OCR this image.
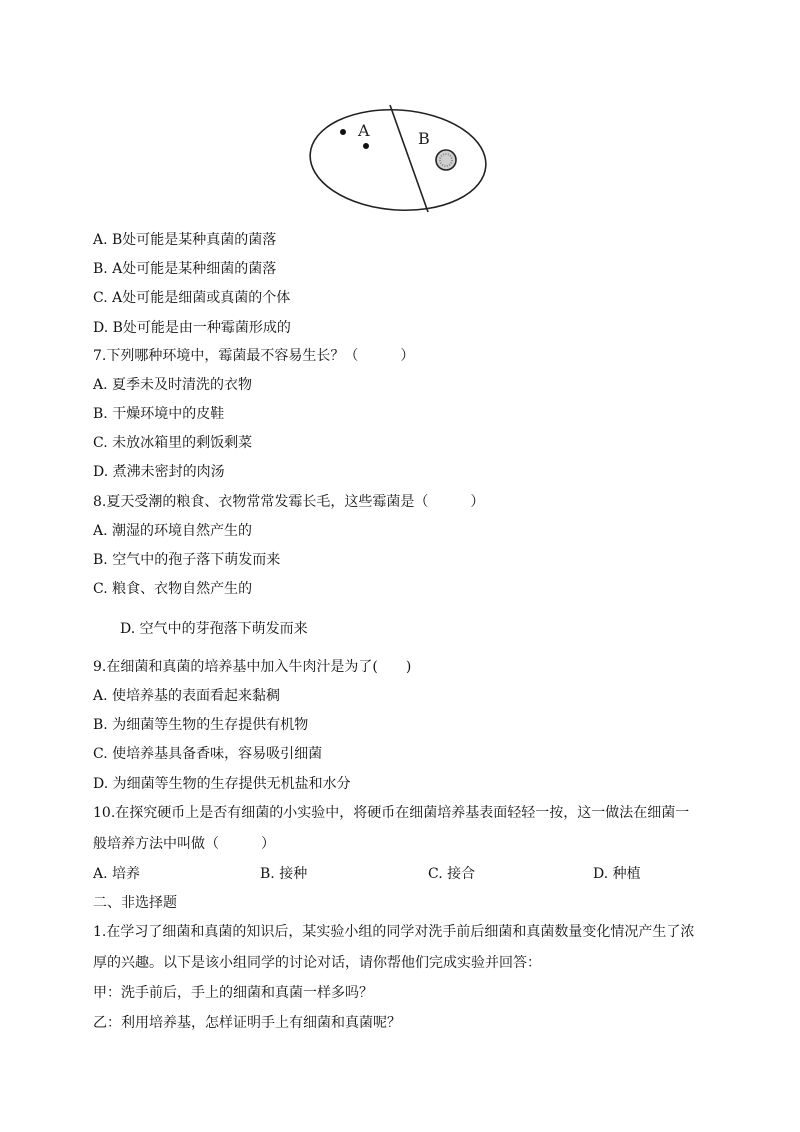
A	B
A. B处可能是某种真菌的菌落
B. A处可能是某种细菌的菌落
C. A处可能是细菌或真菌的个体
D. B处可能是由一种霉菌形成的
7.下列哪种环境中，霉菌最不容易生长？（　　　）
A. 夏季未及时清洗的衣物
B. 干燥环境中的皮鞋
C. 未放冰箱里的剩饭剩菜
D. 煮沸未密封的肉汤
8.夏天受潮的粮食、衣物常常发霉长毛，这些霉菌是（　　　）
A. 潮湿的环境自然产生的
B. 空气中的孢子落下萌发而来
C. 粮食、衣物自然产生的
D. 空气中的芽孢落下萌发而来
9.在细菌和真菌的培养基中加入牛肉汁是为了(　　)
A. 使培养基的表面看起来黏稠
B. 为细菌等生物的生存提供有机物
C. 使培养基具备香味，容易吸引细菌
D. 为细菌等生物的生存提供无机盐和水分
10.在探究硬币上是否有细菌的小实验中，将硬币在细菌培养基表面轻轻一按，这一做法在细菌一
般培养方法中叫做（　　　）
A. 培养	B. 接种	C. 接合	D. 种植
二、非选择题
1.在学习了细菌和真菌的知识后，某实验小组的同学对洗手前后细菌和真菌数量变化情况产生了浓
厚的兴趣。以下是该小组同学的讨论对话，请你帮他们完成实验并回答：
甲：洗手前后，手上的细菌和真菌一样多吗？
乙：利用培养基，怎样证明手上有细菌和真菌呢？
